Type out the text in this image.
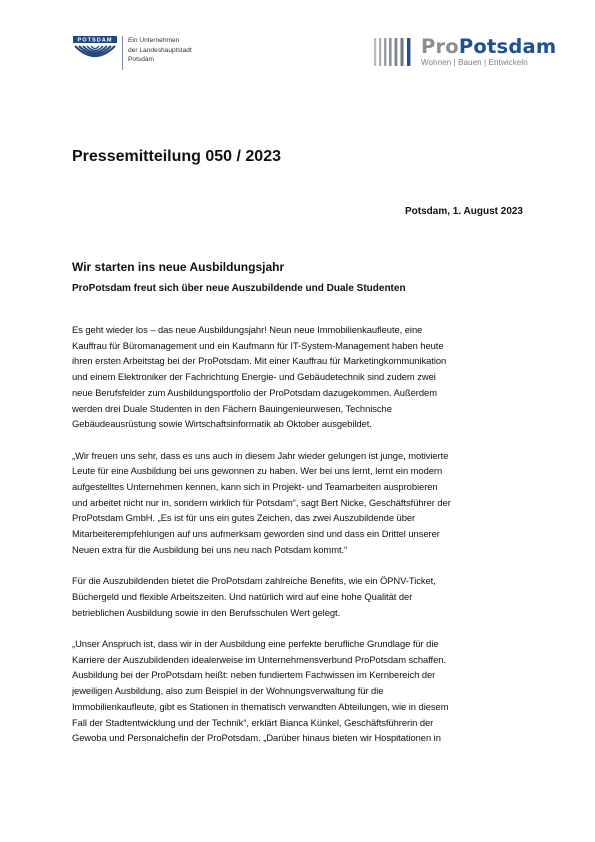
POTSDAM Ein Unternehmen
der Landeshauptstadt
Potsdam
ProPotsdam
Wohnen | Bauen | Entwickeln
Pressemitteilung 050 / 2023

Potsdam, 1. August 2023

Wir starten ins neue Ausbildungsjahr
ProPotsdam freut sich über neue Auszubildende und Duale Studenten

Es geht wieder los – das neue Ausbildungsjahr! Neun neue Immobilienkaufleute, eine
Kauffrau für Büromanagement und ein Kaufmann für IT-System-Management haben heute
ihren ersten Arbeitstag bei der ProPotsdam. Mit einer Kauffrau für Marketingkommunikation
und einem Elektroniker der Fachrichtung Energie- und Gebäudetechnik sind zudem zwei
neue Berufsfelder zum Ausbildungsportfolio der ProPotsdam dazugekommen. Außerdem
werden drei Duale Studenten in den Fächern Bauingenieurwesen, Technische
Gebäudeausrüstung sowie Wirtschaftsinformatik ab Oktober ausgebildet.

„Wir freuen uns sehr, dass es uns auch in diesem Jahr wieder gelungen ist junge, motivierte
Leute für eine Ausbildung bei uns gewonnen zu haben. Wer bei uns lernt, lernt ein modern
aufgestelltes Unternehmen kennen, kann sich in Projekt- und Teamarbeiten ausprobieren
und arbeitet nicht nur in, sondern wirklich für Potsdam“, sagt Bert Nicke, Geschäftsführer der
ProPotsdam GmbH. „Es ist für uns ein gutes Zeichen, das zwei Auszubildende über
Mitarbeiterempfehlungen auf uns aufmerksam geworden sind und dass ein Drittel unserer
Neuen extra für die Ausbildung bei uns neu nach Potsdam kommt.“

Für die Auszubildenden bietet die ProPotsdam zahlreiche Benefits, wie ein ÖPNV-Ticket,
Büchergeld und flexible Arbeitszeiten. Und natürlich wird auf eine hohe Qualität der
betrieblichen Ausbildung sowie in den Berufsschulen Wert gelegt.

„Unser Anspruch ist, dass wir in der Ausbildung eine perfekte berufliche Grundlage für die
Karriere der Auszubildenden idealerweise im Unternehmensverbund ProPotsdam schaffen.
Ausbildung bei der ProPotsdam heißt: neben fundiertem Fachwissen im Kernbereich der
jeweiligen Ausbildung, also zum Beispiel in der Wohnungsverwaltung für die
Immobilienkaufleute, gibt es Stationen in thematisch verwandten Abteilungen, wie in diesem
Fall der Stadtentwicklung und der Technik“, erklärt Bianca Künkel, Geschäftsführerin der
Gewoba und Personalchefin der ProPotsdam. „Darüber hinaus bieten wir Hospitationen in
